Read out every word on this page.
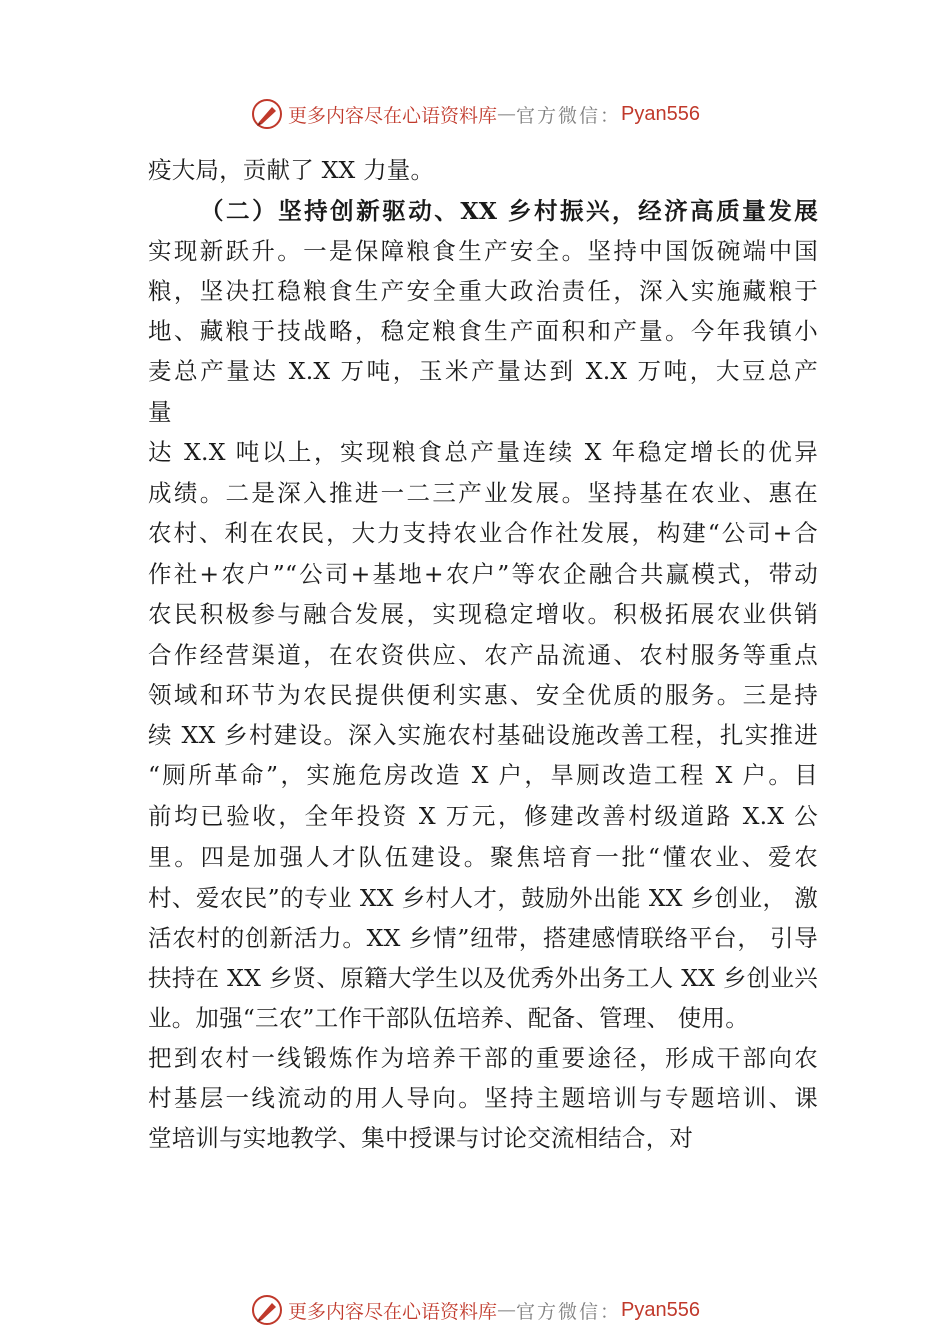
更多内容尽在心语资料库 — 官方微信： Pyan556
疫大局，贡献了 XX 力量。
（二）坚持创新驱动、XX 乡村振兴，经济高质量发展
实现新跃升。一是保障粮食生产安全。坚持中国饭碗端中国
粮，坚决扛稳粮食生产安全重大政治责任，深入实施藏粮于
地、藏粮于技战略，稳定粮食生产面积和产量。今年我镇小
麦总产量达 X.X 万吨，玉米产量达到 X.X 万吨，大豆总产
量
达 X.X 吨以上，实现粮食总产量连续 X 年稳定增长的优异
成绩。二是深入推进一二三产业发展。坚持基在农业、惠在
农村、利在农民，大力支持农业合作社发展，构建“公司+合
作社+农户”“公司+基地+农户”等农企融合共赢模式，带动
农民积极参与融合发展，实现稳定增收。积极拓展农业供销
合作经营渠道，在农资供应、农产品流通、农村服务等重点
领域和环节为农民提供便利实惠、安全优质的服务。三是持
续 XX 乡村建设。深入实施农村基础设施改善工程，扎实推进
“厕所革命”，实施危房改造 X 户，旱厕改造工程 X 户。目
前均已验收，全年投资 X 万元，修建改善村级道路 X.X 公
里。四是加强人才队伍建设。聚焦培育一批“懂农业、爱农
村、爱农民”的专业 XX 乡村人才，鼓励外出能 XX 乡创业， 激
活农村的创新活力。XX 乡情”纽带，搭建感情联络平台， 引导
扶持在 XX 乡贤、原籍大学生以及优秀外出务工人 XX 乡创业兴
业。加强“三农”工作干部队伍培养、配备、管理、 使用。
把到农村一线锻炼作为培养干部的重要途径，形成干部向农
村基层一线流动的用人导向。坚持主题培训与专题培训、课
堂培训与实地教学、集中授课与讨论交流相结合，对
更多内容尽在心语资料库 — 官方微信： Pyan556
